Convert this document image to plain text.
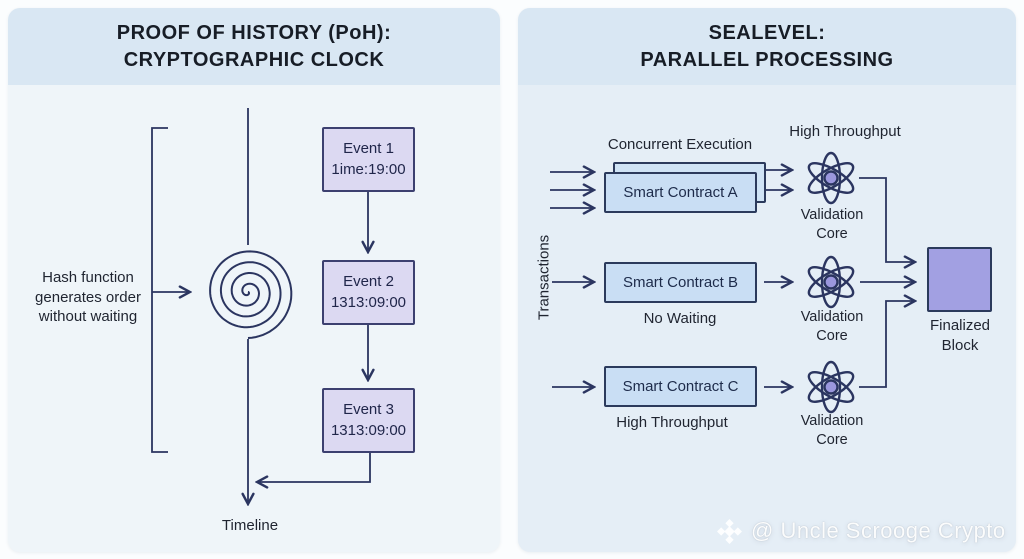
PROOF OF HISTORY (PoH):
CRYPTOGRAPHIC CLOCK
Hash function
generates order
without waiting
Event 1
1ime:19:00
Event 2
1313:09:00
Event 3
1313:09:00
Timeline
SEALEVEL:
PARALLEL PROCESSING
Transactions
Concurrent Execution
High Throughput
Smart Contract A
Smart Contract B
Smart Contract C
No Waiting
High Throughput
Validation Core
Validation Core
Validation Core
Finalized Block
@ Uncle Scrooge Crypto
